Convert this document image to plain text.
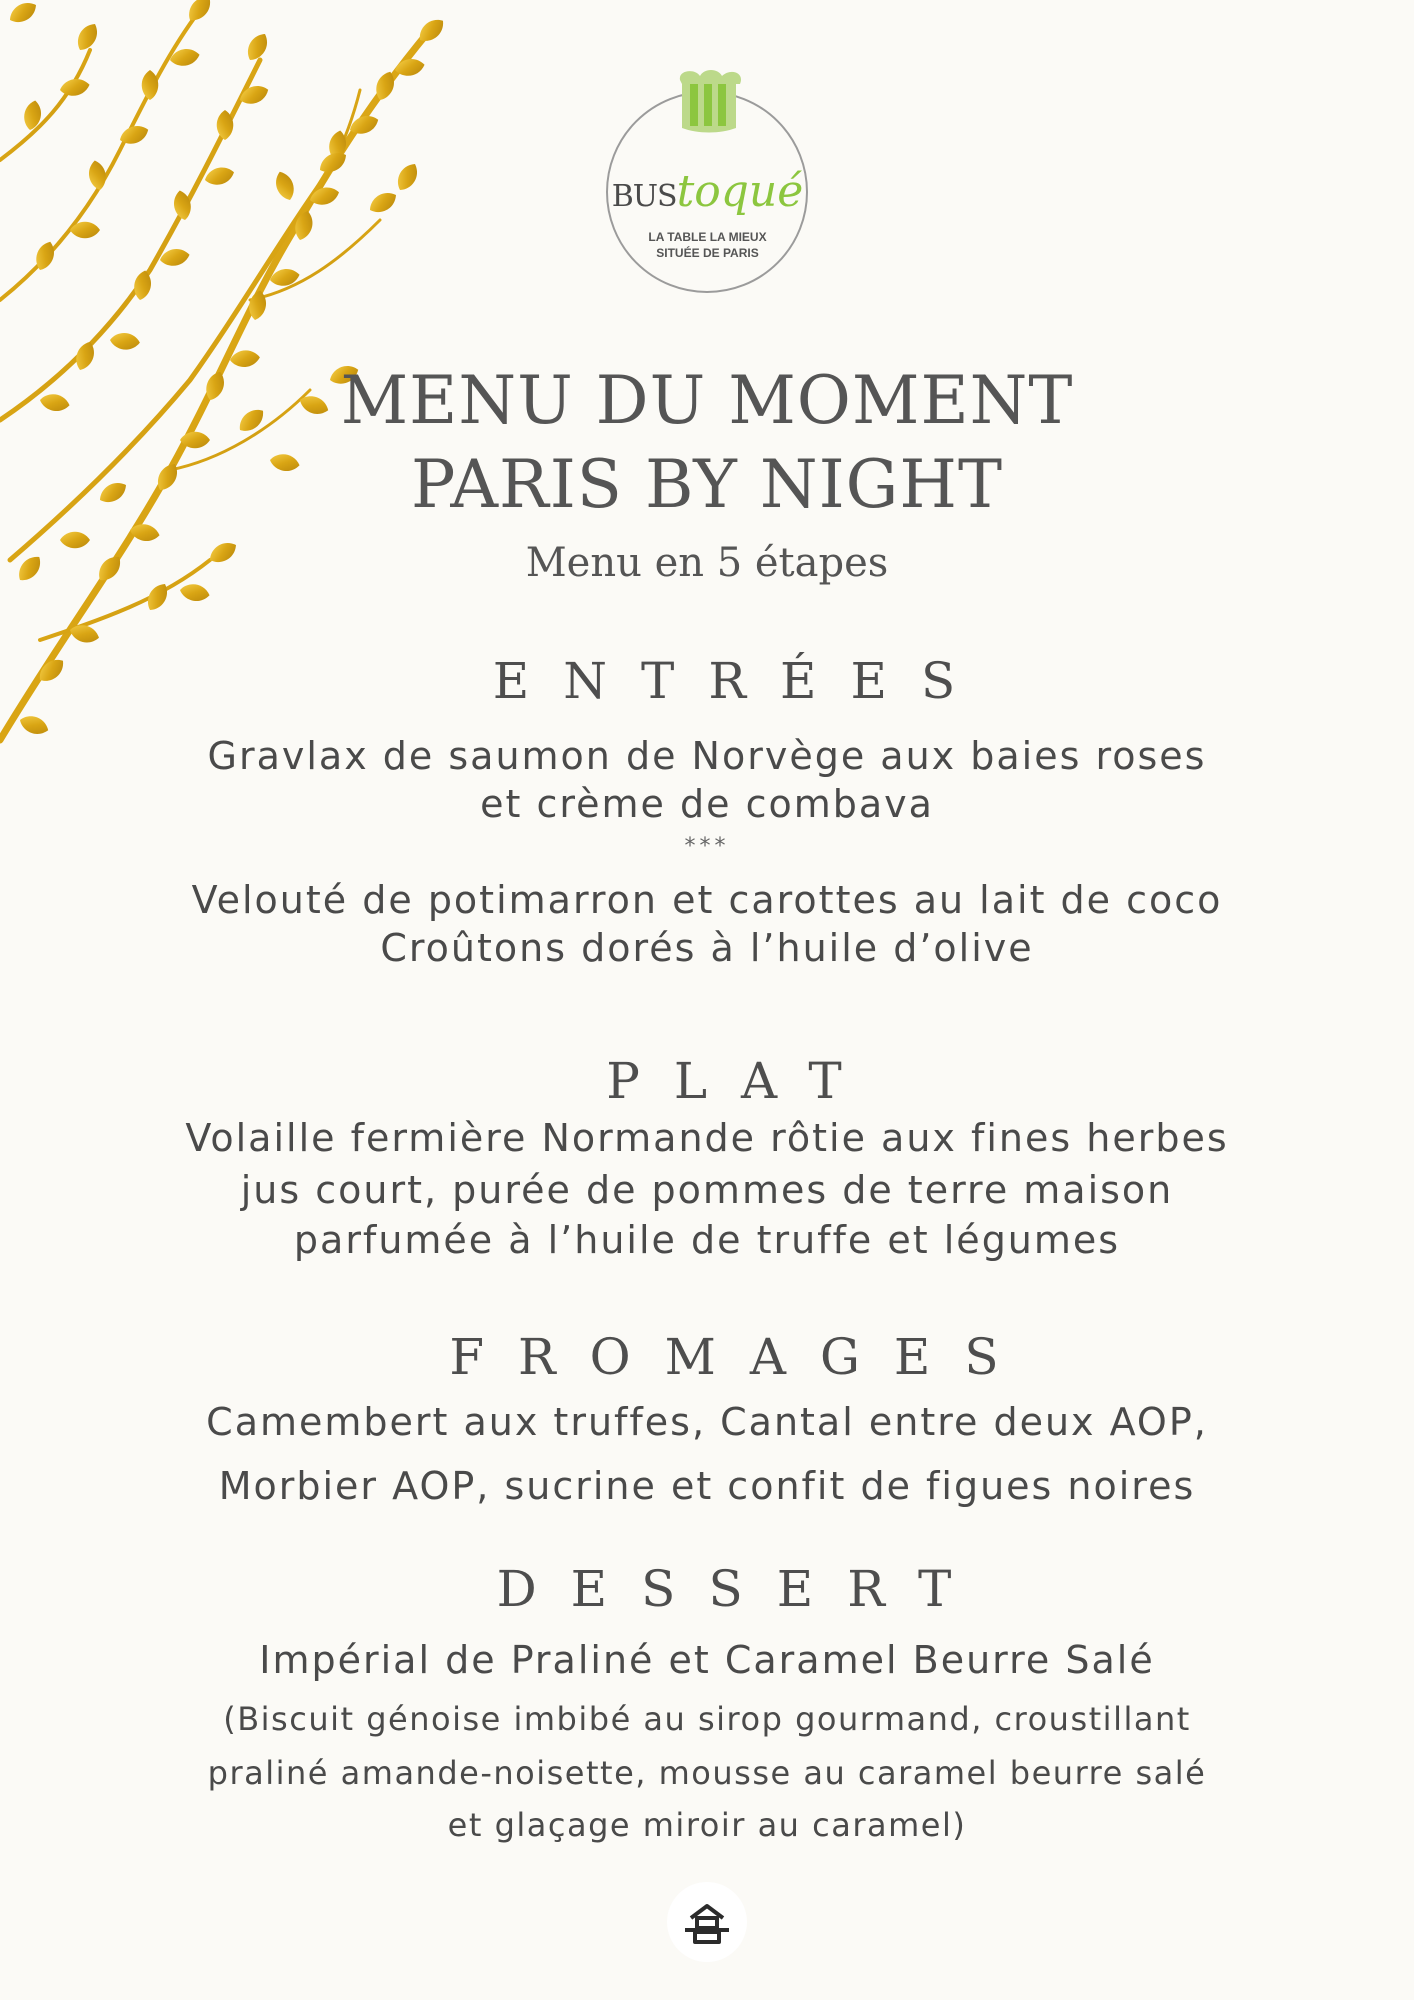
BUStoqué
LA TABLE LA MIEUX
SITUÉE DE PARIS
MENU DU MOMENT
PARIS BY NIGHT
Menu en 5 étapes
ENTRÉES
Gravlax de saumon de Norvège aux baies roses
et crème de combava
***
Velouté de potimarron et carottes au lait de coco
Croûtons dorés à l’huile d’olive
PLAT
Volaille fermière Normande rôtie aux fines herbes
jus court, purée de pommes de terre maison
parfumée à l’huile de truffe et légumes
FROMAGES
Camembert aux truffes, Cantal entre deux AOP,
Morbier AOP, sucrine et confit de figues noires
DESSERT
Impérial de Praliné et Caramel Beurre Salé
(Biscuit génoise imbibé au sirop gourmand, croustillant
praliné amande-noisette, mousse au caramel beurre salé
et glaçage miroir au caramel)
